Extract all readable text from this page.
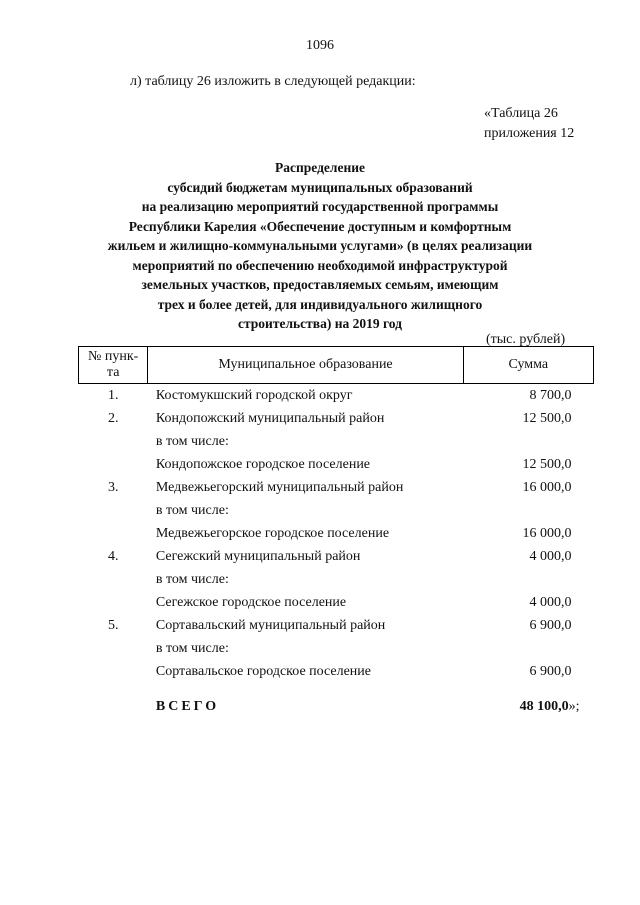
1096
л) таблицу 26 изложить в следующей редакции:
«Таблица 26
приложения 12
Распределение
субсидий бюджетам муниципальных образований
на реализацию мероприятий государственной программы
Республики Карелия «Обеспечение доступным и комфортным
жильем и жилищно-коммунальными услугами» (в целях реализации
мероприятий по обеспечению необходимой инфраструктурой
земельных участков, предоставляемых семьям, имеющим
трех и более детей, для индивидуального жилищного
строительства) на 2019 год
(тыс. рублей)
№ пунк-
та	Муниципальное образование	Сумма
1.	Костомукшский городской округ	8 700,0
2.	Кондопожский муниципальный район	12 500,0
	в том числе:	
	Кондопожское городское поселение	12 500,0
3.	Медвежьегорский муниципальный район	16 000,0
	в том числе:	
	Медвежьегорское городское поселение	16 000,0
4.	Сегежский муниципальный район	4 000,0
	в том числе:	
	Сегежское городское поселение	4 000,0
5.	Сортавальский муниципальный район	6 900,0
	в том числе:	
	Сортавальское городское поселение	6 900,0

	ВСЕГО	48 100,0»;
